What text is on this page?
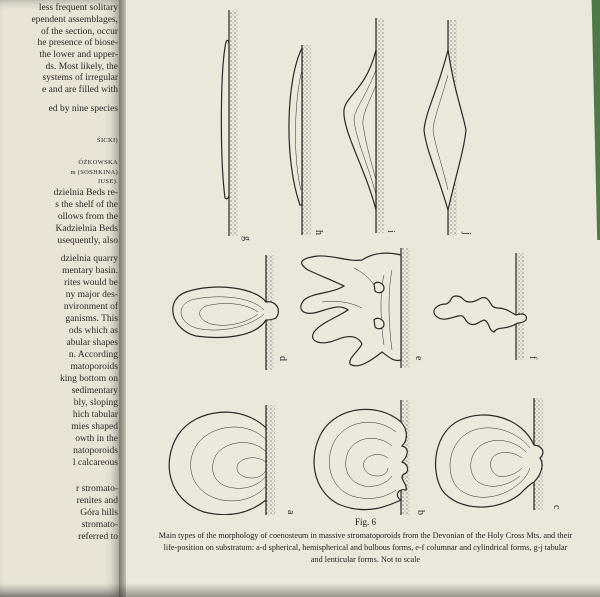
less frequent solitary
ependent assemblages,
of the section, occur
he presence of biose-
the lower and upper-
ds. Most likely, the
systems of irregular
e and are filled with
ed by nine species
ŚICKI)
ÓŻKOWSKA
m (SOSHKINA)
IUSE).
dzielnia Beds re-
s the shelf of the
ollows from the
Kadzielnia Beds
usequently, also
dzielnia quarry
mentary basin.
rites would be
ny major des-
nvironment of
ganisms. This
ods which as
abular shapes
n. According
matoporoids
king bottom on
sedimentary
bly, sloping
hich tabular
mies shaped
owth in the
natoporoids
l calcareous
r stromato-
renites and
Góra hills
stromato-
referred to
g
h	i
j
d	e	f
a	b
c
Fig. 6
Main types of the morphology of coenosteum in massive stromatoporoids from the Devonian of the Holy Cross Mts. and their life-position on substratum: a-d spherical, hemispherical and bulbous forms, e-f columnar and cylindrical forms, g-j tabular and lenticular forms. Not to scale
